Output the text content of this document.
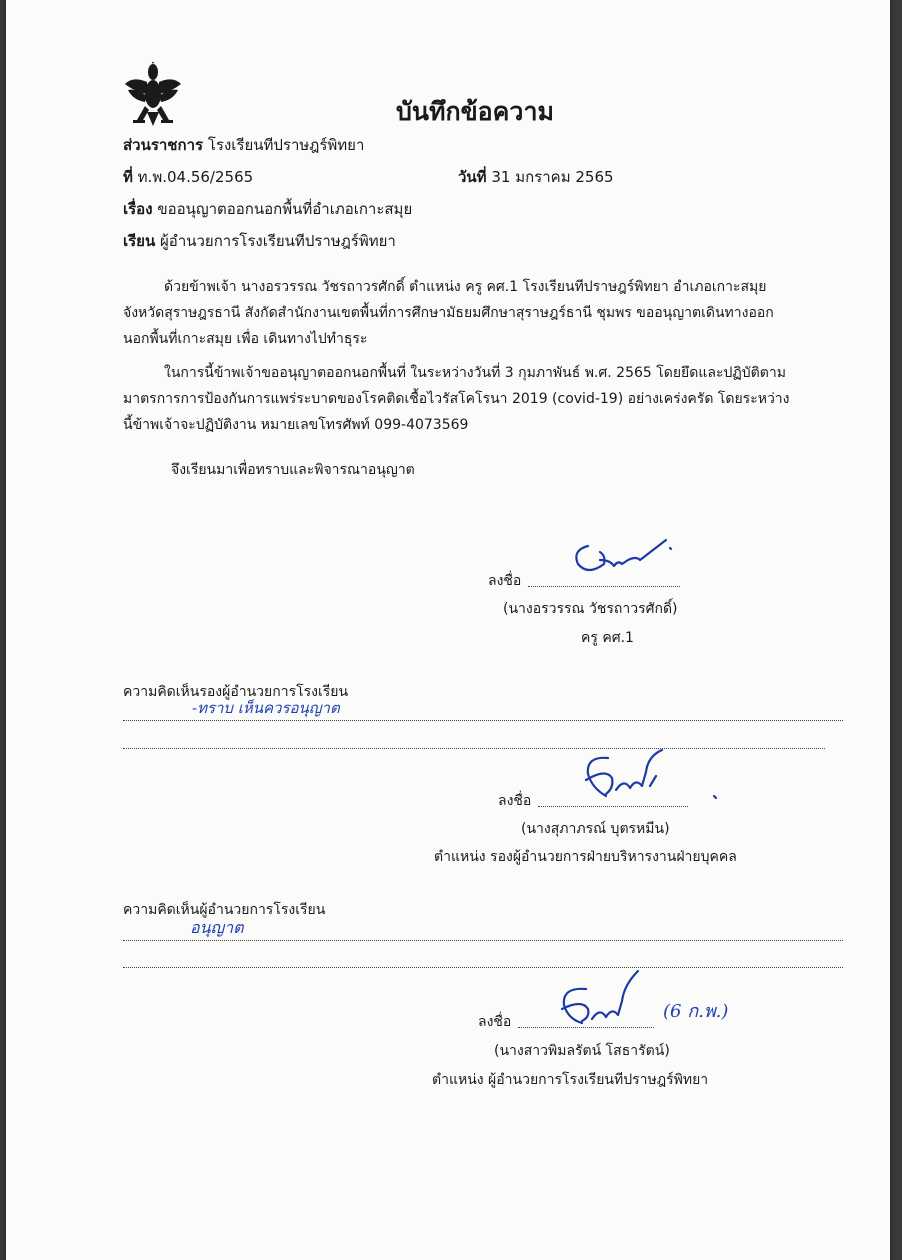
บันทึกข้อความ
ส่วนราชการ โรงเรียนทีปราษฎร์พิทยา
ที่ ท.พ.04.56/2565	วันที่ 31 มกราคม 2565
เรื่อง ขออนุญาตออกนอกพื้นที่อำเภอเกาะสมุย
เรียน ผู้อำนวยการโรงเรียนทีปราษฎร์พิทยา
ด้วยข้าพเจ้า นางอรวรรณ วัชรถาวรศักดิ์ ตำแหน่ง ครู คศ.1 โรงเรียนทีปราษฎร์พิทยา อำเภอเกาะสมุย
จังหวัดสุราษฎรธานี สังกัดสำนักงานเขตพื้นที่การศึกษามัธยมศึกษาสุราษฎร์ธานี ชุมพร ขออนุญาตเดินทางออก
นอกพื้นที่เกาะสมุย เพื่อ เดินทางไปทำธุระ
ในการนี้ข้าพเจ้าขออนุญาตออกนอกพื้นที่ ในระหว่างวันที่ 3 กุมภาพันธ์ พ.ศ. 2565 โดยยึดและปฏิบัติตาม
มาตรการการป้องกันการแพร่ระบาดของโรคติดเชื้อไวรัสโคโรนา 2019 (covid-19) อย่างเคร่งครัด โดยระหว่าง
นี้ข้าพเจ้าจะปฏิบัติงาน หมายเลขโทรศัพท์ 099-4073569
จึงเรียนมาเพื่อทราบและพิจารณาอนุญาต
ลงชื่อ
(นางอรวรรณ วัชรถาวรศักดิ์)
ครู คศ.1
ความคิดเห็นรองผู้อำนวยการโรงเรียน
-ทราบ เห็นควรอนุญาต
ลงชื่อ
(นางสุภาภรณ์ บุตรหมีน)
ตำแหน่ง รองผู้อำนวยการฝ่ายบริหารงานฝ่ายบุคคล
ความคิดเห็นผู้อำนวยการโรงเรียน
อนุญาต
ลงชื่อ	(6 ก.พ.)
(นางสาวพิมลรัตน์ โสธารัตน์)
ตำแหน่ง ผู้อำนวยการโรงเรียนทีปราษฎร์พิทยา
